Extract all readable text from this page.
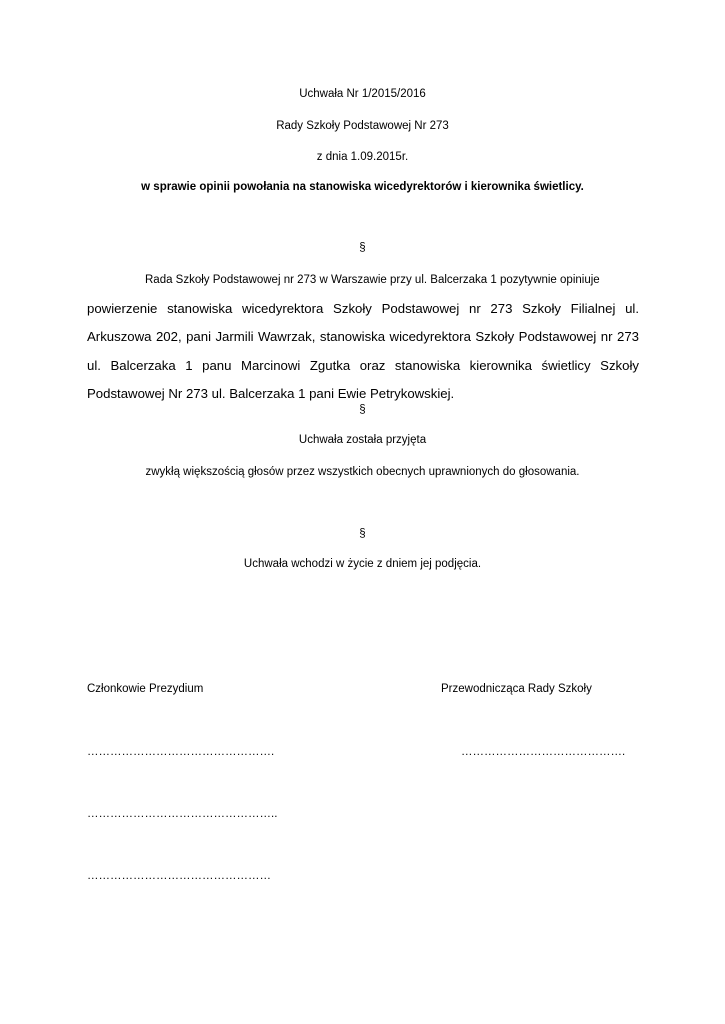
Uchwała Nr 1/2015/2016
Rady Szkoły Podstawowej Nr 273
z dnia 1.09.2015r.
w sprawie opinii powołania na stanowiska wicedyrektorów i kierownika świetlicy.
§
Rada Szkoły Podstawowej nr 273 w Warszawie przy ul. Balcerzaka 1 pozytywnie opiniuje
powierzenie stanowiska wicedyrektora Szkoły Podstawowej nr 273 Szkoły Filialnej ul. Arkuszowa 202, pani Jarmili Wawrzak, stanowiska wicedyrektora Szkoły Podstawowej nr 273 ul. Balcerzaka 1 panu Marcinowi Zgutka oraz stanowiska kierownika świetlicy Szkoły Podstawowej Nr 273 ul. Balcerzaka 1 pani Ewie Petrykowskiej.
§
Uchwała została przyjęta
zwykłą większością głosów przez wszystkich obecnych uprawnionych do głosowania.
§
Uchwała wchodzi w życie z dniem jej podjęcia.
Członkowie Prezydium	Przewodnicząca Rady Szkoły
………………………………………….	…………………………………….
…………………………………………..
…………………………………………
